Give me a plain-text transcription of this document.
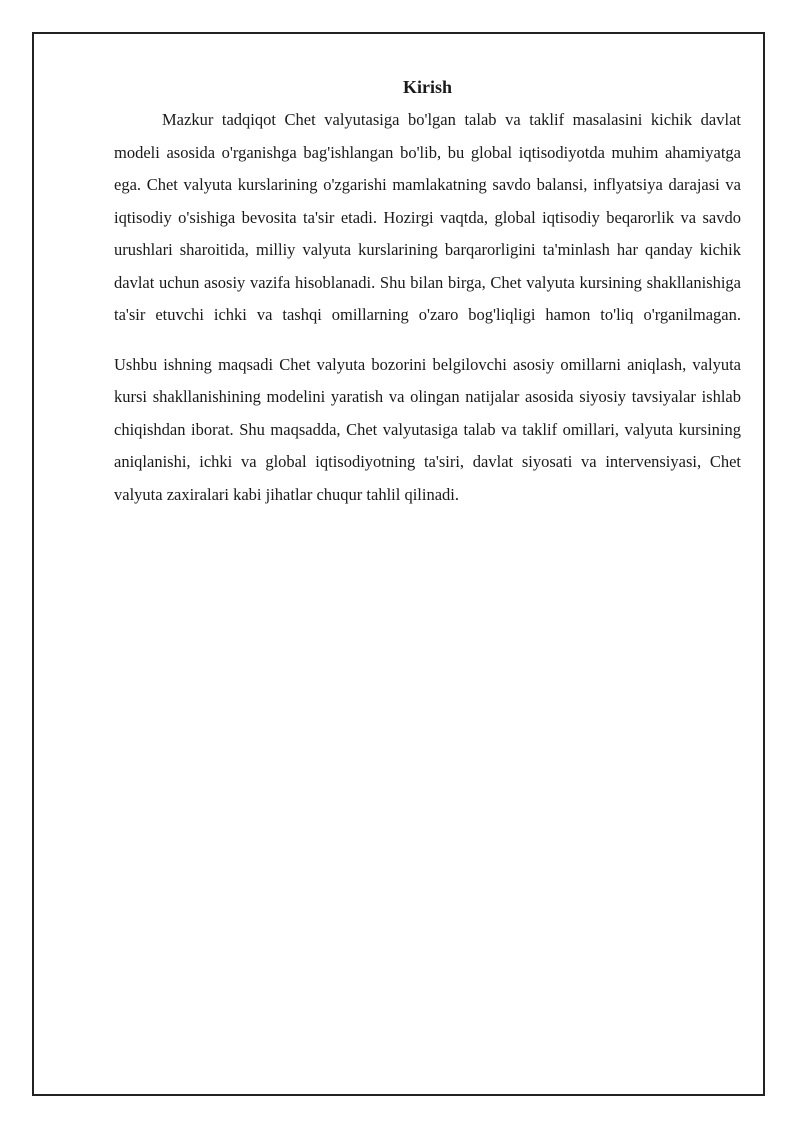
Kirish

Mazkur tadqiqot Chet valyutasiga bo'lgan talab va taklif masalasini kichik davlat modeli asosida o'rganishga bag'ishlangan bo'lib, bu global iqtisodiyotda muhim ahamiyatga ega. Chet valyuta kurslarining o'zgarishi mamlakatning savdo balansi, inflyatsiya darajasi va iqtisodiy o'sishiga bevosita ta'sir etadi. Hozirgi vaqtda, global iqtisodiy beqarorlik va savdo urushlari sharoitida, milliy valyuta kurslarining barqarorligini ta'minlash har qanday kichik davlat uchun asosiy vazifa hisoblanadi. Shu bilan birga, Chet valyuta kursining shakllanishiga ta'sir etuvchi ichki va tashqi omillarning o'zaro bog'liqligi hamon to'liq o'rganilmagan.

Ushbu ishning maqsadi Chet valyuta bozorini belgilovchi asosiy omillarni aniqlash, valyuta kursi shakllanishining modelini yaratish va olingan natijalar asosida siyosiy tavsiyalar ishlab chiqishdan iborat. Shu maqsadda, Chet valyutasiga talab va taklif omillari, valyuta kursining aniqlanishi, ichki va global iqtisodiyotning ta'siri, davlat siyosati va intervensiyasi, Chet valyuta zaxiralari kabi jihatlar chuqur tahlil qilinadi.
